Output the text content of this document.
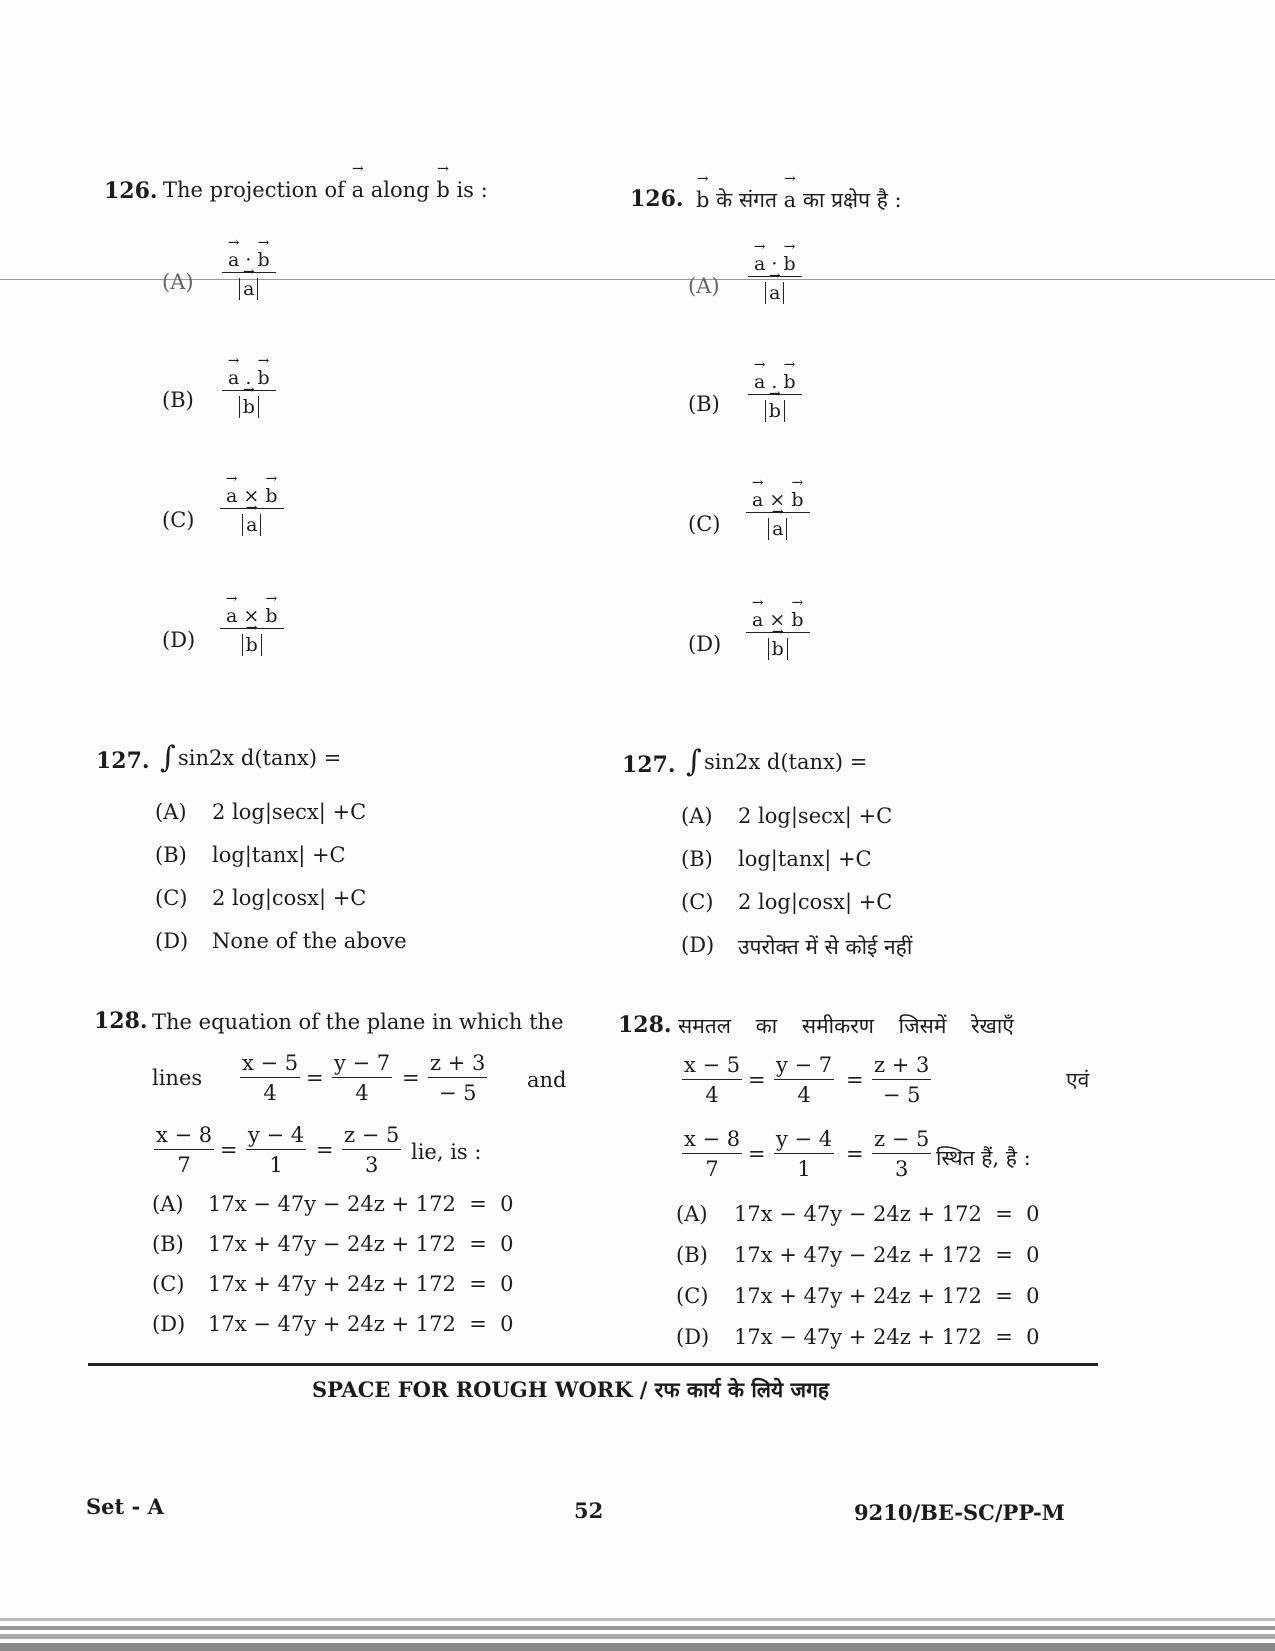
126. The projection of → a along → b is :
(A) → a · → b
→ a
(B) → a . → b
→ b
(C) → a × → b
→ a
(D) → a × → b
→ b
126. → b के संगत → a का प्रक्षेप है :
(A) → a · → b
→ a
(B) → a . → b
→ b
(C) → a × → b
→ a
(D) → a × → b
→ b
127. ∫ sin2x d(tanx) =
(A) 2 log|secx| +C
(B) log|tanx| +C
(C) 2 log|cosx| +C
(D) None of the above
127. ∫ sin2x d(tanx) =
(A) 2 log|secx| +C
(B) log|tanx| +C
(C) 2 log|cosx| +C
(D) उपरोक्त में से कोई नहीं
128. The equation of the plane in which the
lines
x − 5
4
=
y − 7
4
=
z + 3
− 5
and
x − 8
7
=
y − 4
1
=
z − 5
3
lie, is :
(A) 17x − 47y − 24z + 172  =  0
(B) 17x + 47y − 24z + 172  =  0
(C) 17x + 47y + 24z + 172  =  0
(D) 17x − 47y + 24z + 172  =  0
128. समतल का समीकरण जिसमें रेखाएँ
x − 5
4
=
y − 7
4
=
z + 3
− 5
एवं
x − 8
7
=
y − 4
1
=
z − 5
3 स्थित हैं, है :
(A) 17x − 47y − 24z + 172  =  0
(B) 17x + 47y − 24z + 172  =  0
(C) 17x + 47y + 24z + 172  =  0
(D) 17x − 47y + 24z + 172  =  0
SPACE FOR ROUGH WORK / रफ कार्य के लिये जगह
Set - A	52	9210/BE-SC/PP-M
